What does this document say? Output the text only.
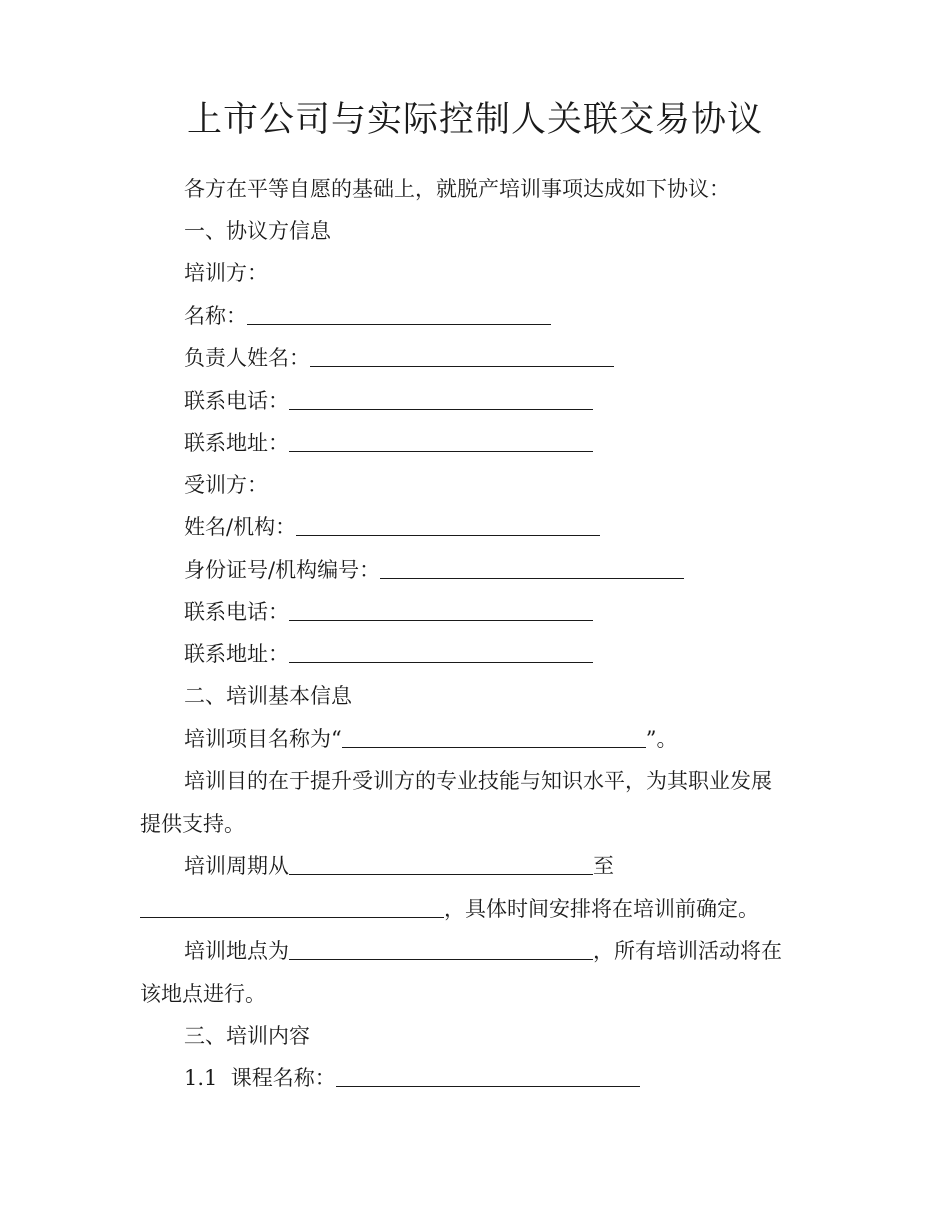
上市公司与实际控制人关联交易协议
各方在平等自愿的基础上，就脱产培训事项达成如下协议：
一、协议方信息
培训方：
名称：
负责人姓名：
联系电话：
联系地址：
受训方：
姓名/机构：
身份证号/机构编号：
联系电话：
联系地址：
二、培训基本信息
培训项目名称为“	”。
培训目的在于提升受训方的专业技能与知识水平，为其职业发展
提供支持。
培训周期从	至
，具体时间安排将在培训前确定。
培训地点为	，所有培训活动将在
该地点进行。
三、培训内容
1.1  课程名称：
